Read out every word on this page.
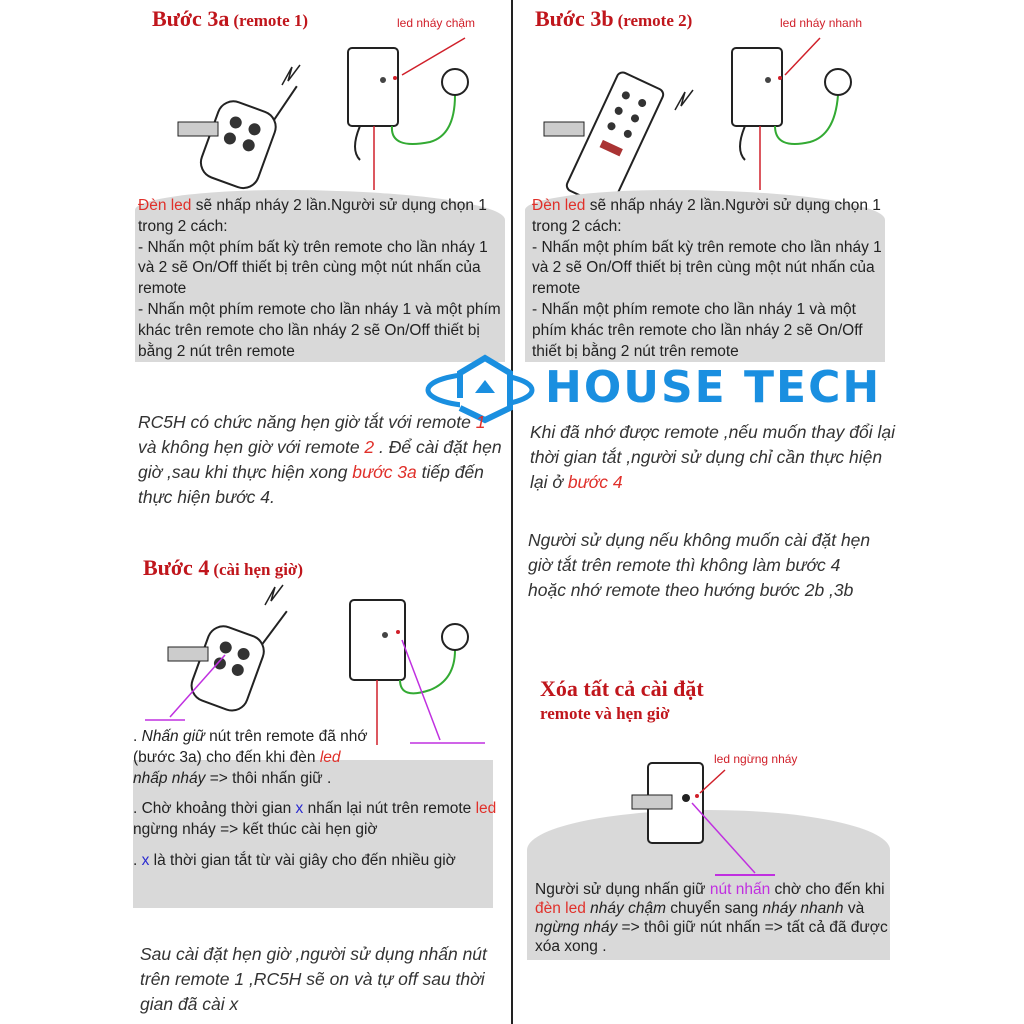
Bước 3a (remote 1)	led nháy chậm
Đèn led sẽ nhấp nháy 2 lần.Người sử dụng chọn 1 trong 2 cách:
- Nhấn một phím bất kỳ trên remote cho lần nháy 1 và 2 sẽ On/Off thiết bị trên cùng một nút nhấn của remote
- Nhấn một phím remote cho lần nháy 1 và một phím khác trên remote cho lần nháy 2 sẽ On/Off thiết bị bằng 2 nút trên remote
Bước 3b (remote 2)	led nháy nhanh
Đèn led sẽ nhấp nháy 2 lần.Người sử dụng chọn 1 trong 2 cách:
- Nhấn một phím bất kỳ trên remote cho lần nháy 1 và 2 sẽ On/Off thiết bị trên cùng một nút nhấn của remote
- Nhấn một phím remote cho lần nháy 1 và một phím khác trên remote cho lần nháy 2 sẽ On/Off thiết bị bằng 2 nút trên remote
HOUSE TECH
RC5H có chức năng hẹn giờ tắt với remote 1 và không hẹn giờ với remote 2 . Để cài đặt hẹn giờ ,sau khi thực hiện xong bước 3a tiếp đến thực hiện bước 4.
Khi đã nhớ được remote ,nếu muốn thay đổi lại thời gian tắt ,người sử dụng chỉ cần thực hiện lại ở bước 4
Người sử dụng nếu không muốn cài đặt hẹn giờ tắt trên remote thì không làm bước 4 hoặc nhớ remote theo hướng bước 2b ,3b
Bước 4 (cài hẹn giờ)
. Nhấn giữ nút trên remote đã nhớ (bước 3a) cho đến khi đèn led nhấp nháy => thôi nhấn giữ .
. Chờ khoảng thời gian x nhấn lại nút trên remote led ngừng nháy => kết thúc cài hẹn giờ
. x là thời gian tắt từ vài giây cho đến nhiều giờ
Sau cài đặt hẹn giờ ,người sử dụng nhấn nút trên remote 1 ,RC5H sẽ on và tự off sau thời gian đã cài x
Xóa tất cả cài đặt
remote và hẹn giờ
led ngừng nháy
Người sử dụng nhấn giữ nút nhấn chờ cho đến khi đèn led nháy chậm chuyển sang nháy nhanh và ngừng nháy => thôi giữ nút nhấn => tất cả đã được xóa xong .
